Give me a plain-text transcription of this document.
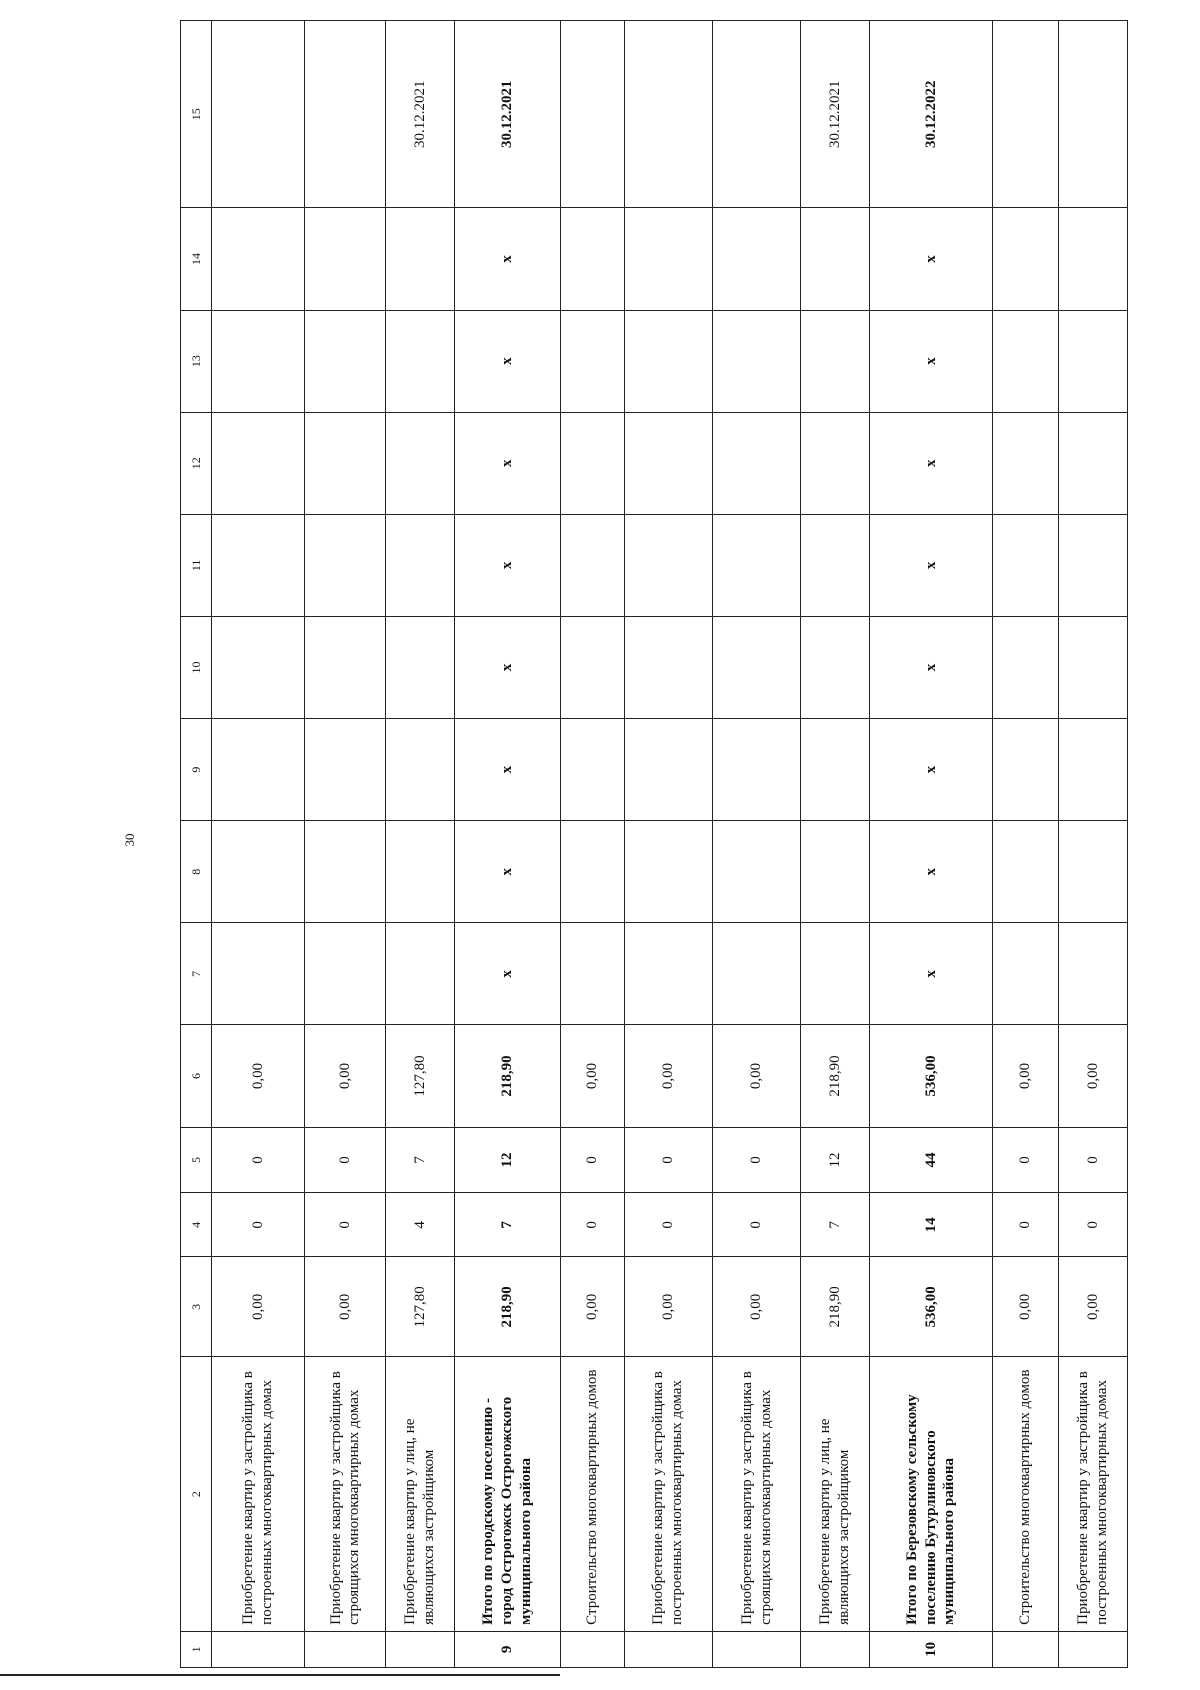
30
1	2	3	4	5	6	7	8	9	10	11	12	13	14	15
	Приобретение квартир у застройщика в построенных многоквартирных домах	0,00	0	0	0,00									
	Приобретение квартир у застройщика в строящихся многоквартирных домах	0,00	0	0	0,00									
	Приобретение квартир у лиц, не являющихся застройщиком	127,80	4	7	127,80									30.12.2021
9	Итого по городскому поселению - город Острогожск Острогожского муниципального района	218,90	7	12	218,90	х	х	х	х	х	х	х	х	30.12.2021
	Строительство многоквартирных домов	0,00	0	0	0,00									
	Приобретение квартир у застройщика в построенных многоквартирных домах	0,00	0	0	0,00									
	Приобретение квартир у застройщика в строящихся многоквартирных домах	0,00	0	0	0,00									
	Приобретение квартир у лиц, не являющихся застройщиком	218,90	7	12	218,90									30.12.2021
10	Итого по Березовскому сельскому поселению Бутурлиновского муниципального района	536,00	14	44	536,00	х	х	х	х	х	х	х	х	30.12.2022
	Строительство многоквартирных домов	0,00	0	0	0,00									
	Приобретение квартир у застройщика в построенных многоквартирных домах	0,00	0	0	0,00									
